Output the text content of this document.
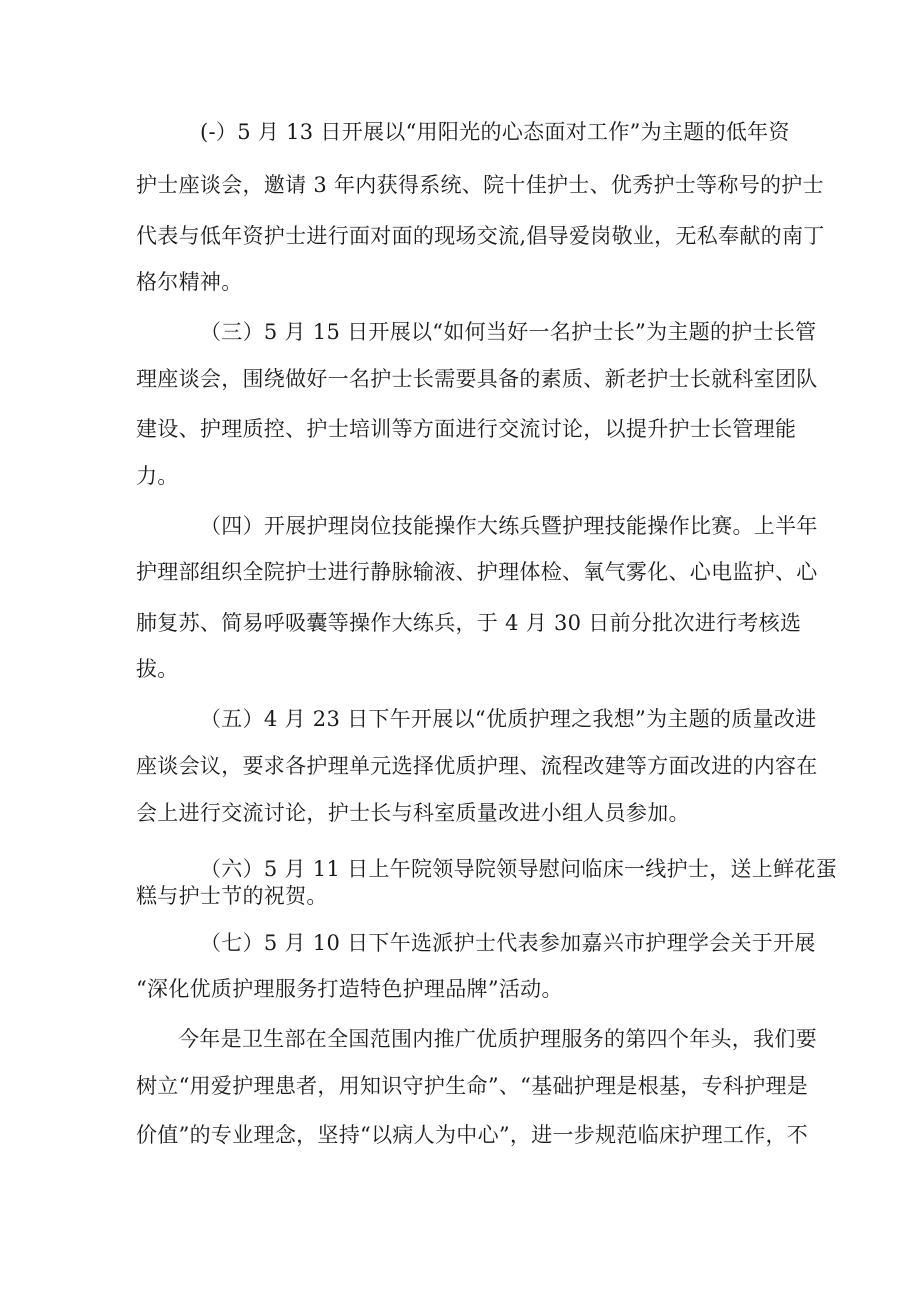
(-）5 月 13 日开展以“用阳光的心态面对工作”为主题的低年资
护士座谈会，邀请 3 年内获得系统、院十佳护士、优秀护士等称号的护士
代表与低年资护士进行面对面的现场交流,倡导爱岗敬业，无私奉献的南丁
格尔精神。
（三）5 月 15 日开展以“如何当好一名护士长”为主题的护士长管
理座谈会，围绕做好一名护士长需要具备的素质、新老护士长就科室团队
建设、护理质控、护士培训等方面进行交流讨论，以提升护士长管理能
力。
（四）开展护理岗位技能操作大练兵暨护理技能操作比赛。上半年
护理部组织全院护士进行静脉输液、护理体检、氧气雾化、心电监护、心
肺复苏、简易呼吸囊等操作大练兵，于 4 月 30 日前分批次进行考核选
拔。
（五）4 月 23 日下午开展以“优质护理之我想”为主题的质量改进
座谈会议，要求各护理单元选择优质护理、流程改建等方面改进的内容在
会上进行交流讨论，护士长与科室质量改进小组人员参加。
（六）5 月 11 日上午院领导院领导慰问临床一线护士，送上鲜花蛋
糕与护士节的祝贺。
（七）5 月 10 日下午选派护士代表参加嘉兴市护理学会关于开展
“深化优质护理服务打造特色护理品牌”活动。
今年是卫生部在全国范围内推广优质护理服务的第四个年头，我们要
树立“用爱护理患者，用知识守护生命”、“基础护理是根基，专科护理是
价值”的专业理念，坚持“以病人为中心”，进一步规范临床护理工作，不
